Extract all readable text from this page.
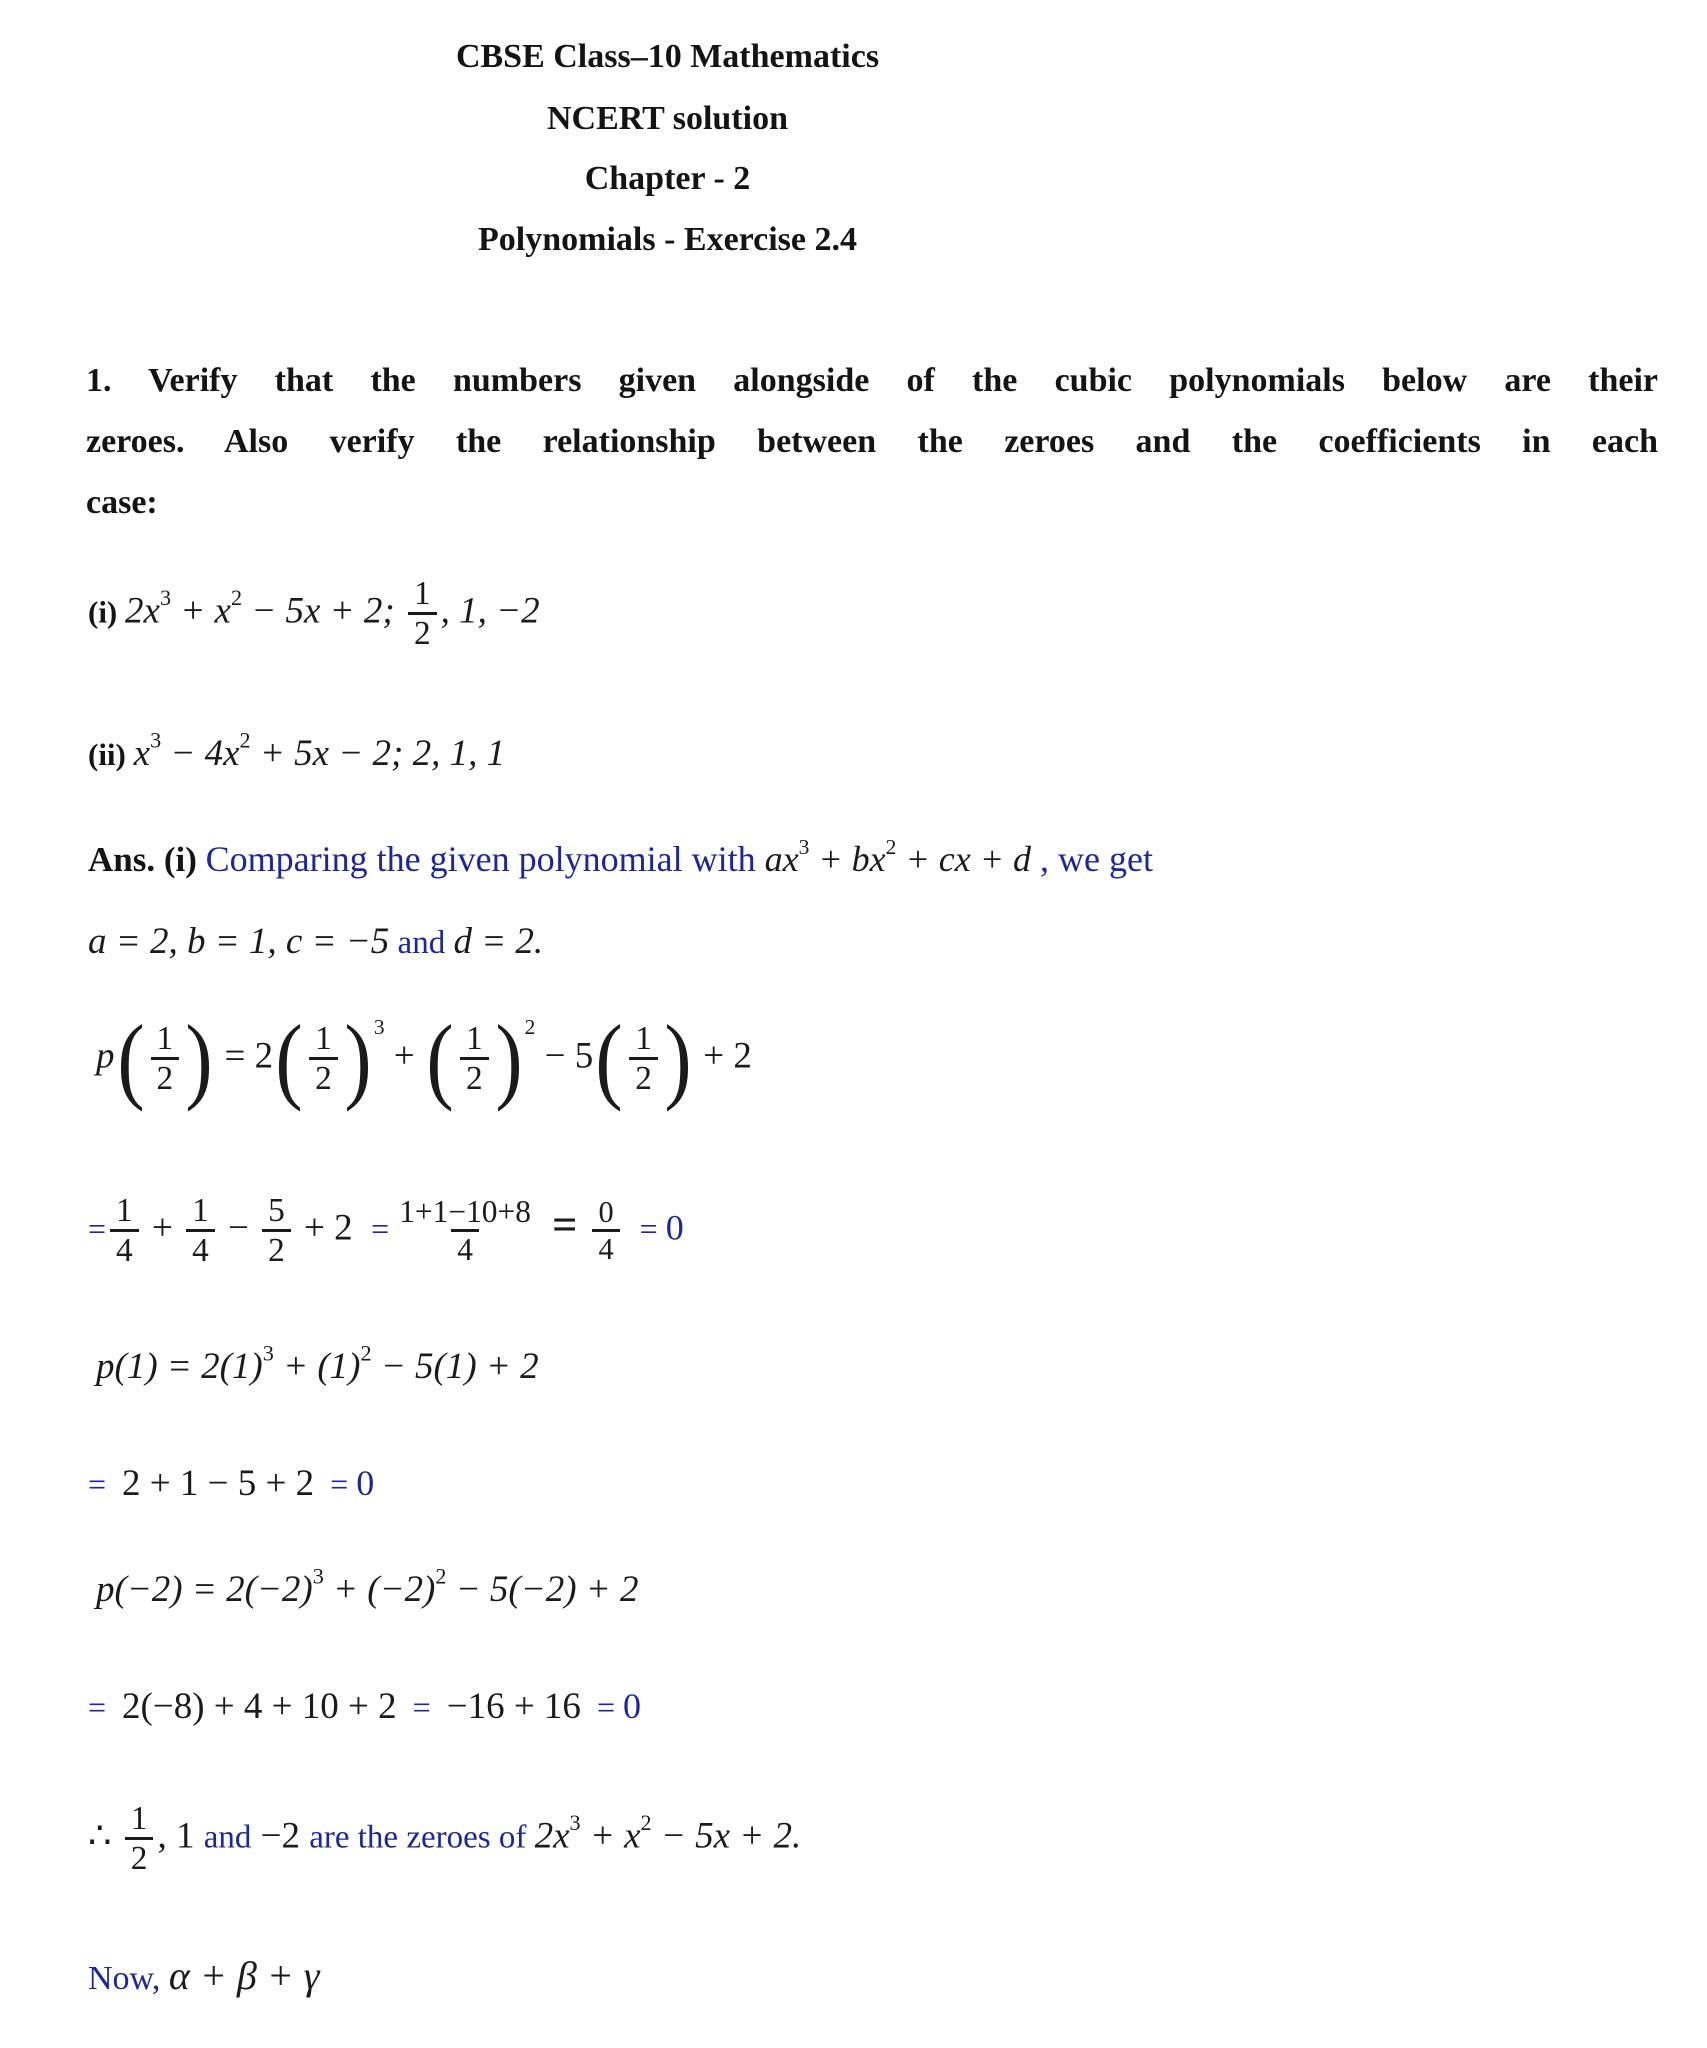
CBSE Class–10 Mathematics
NCERT solution
Chapter - 2
Polynomials - Exercise 2.4
1. Verify that the numbers given alongside of the cubic polynomials below are their
zeroes. Also verify the relationship between the zeroes and the coefficients in each
case:
(i) $2x^3 + x^2 - 5x + 2$; $\frac{1}{2}$ , 1, −2
(ii) $x^3 - 4x^2 + 5x - 2$; 2, 1, 1
Ans. (i) Comparing the given polynomial with $ax^3 + bx^2$ + cx + d , we get
a = 2, b = 1, c = −5 and d = 2.
$p( \frac{1}{2}$ ) = $2( \frac{1}{2}$ ) $^3$ + ( $\frac{1}{2}$ ) $^2 - 5( \frac{1}{2}$ ) + 2
= $\frac{1}{4} + \frac{1}{4} - \frac{5}{2} + 2 = \frac{1+1-10+8}{4} = \frac{0}{4} = 0$
$p(1) = 2(1)^3 + (1)^2 - 5(1) + 2$
=  2 + 1 − 5 + 2  = 0
$p(-2) = 2(-2)^3 + (-2)^2 - 5(-2) + 2$
=  2(−8) + 4 + 10 + 2  =  −16 + 16  = 0
∴ $\frac{1}{2}$ , 1 and −2 are the zeroes of $2x^3 + x^2 - 5x + 2$.
Now, α + β + γ
